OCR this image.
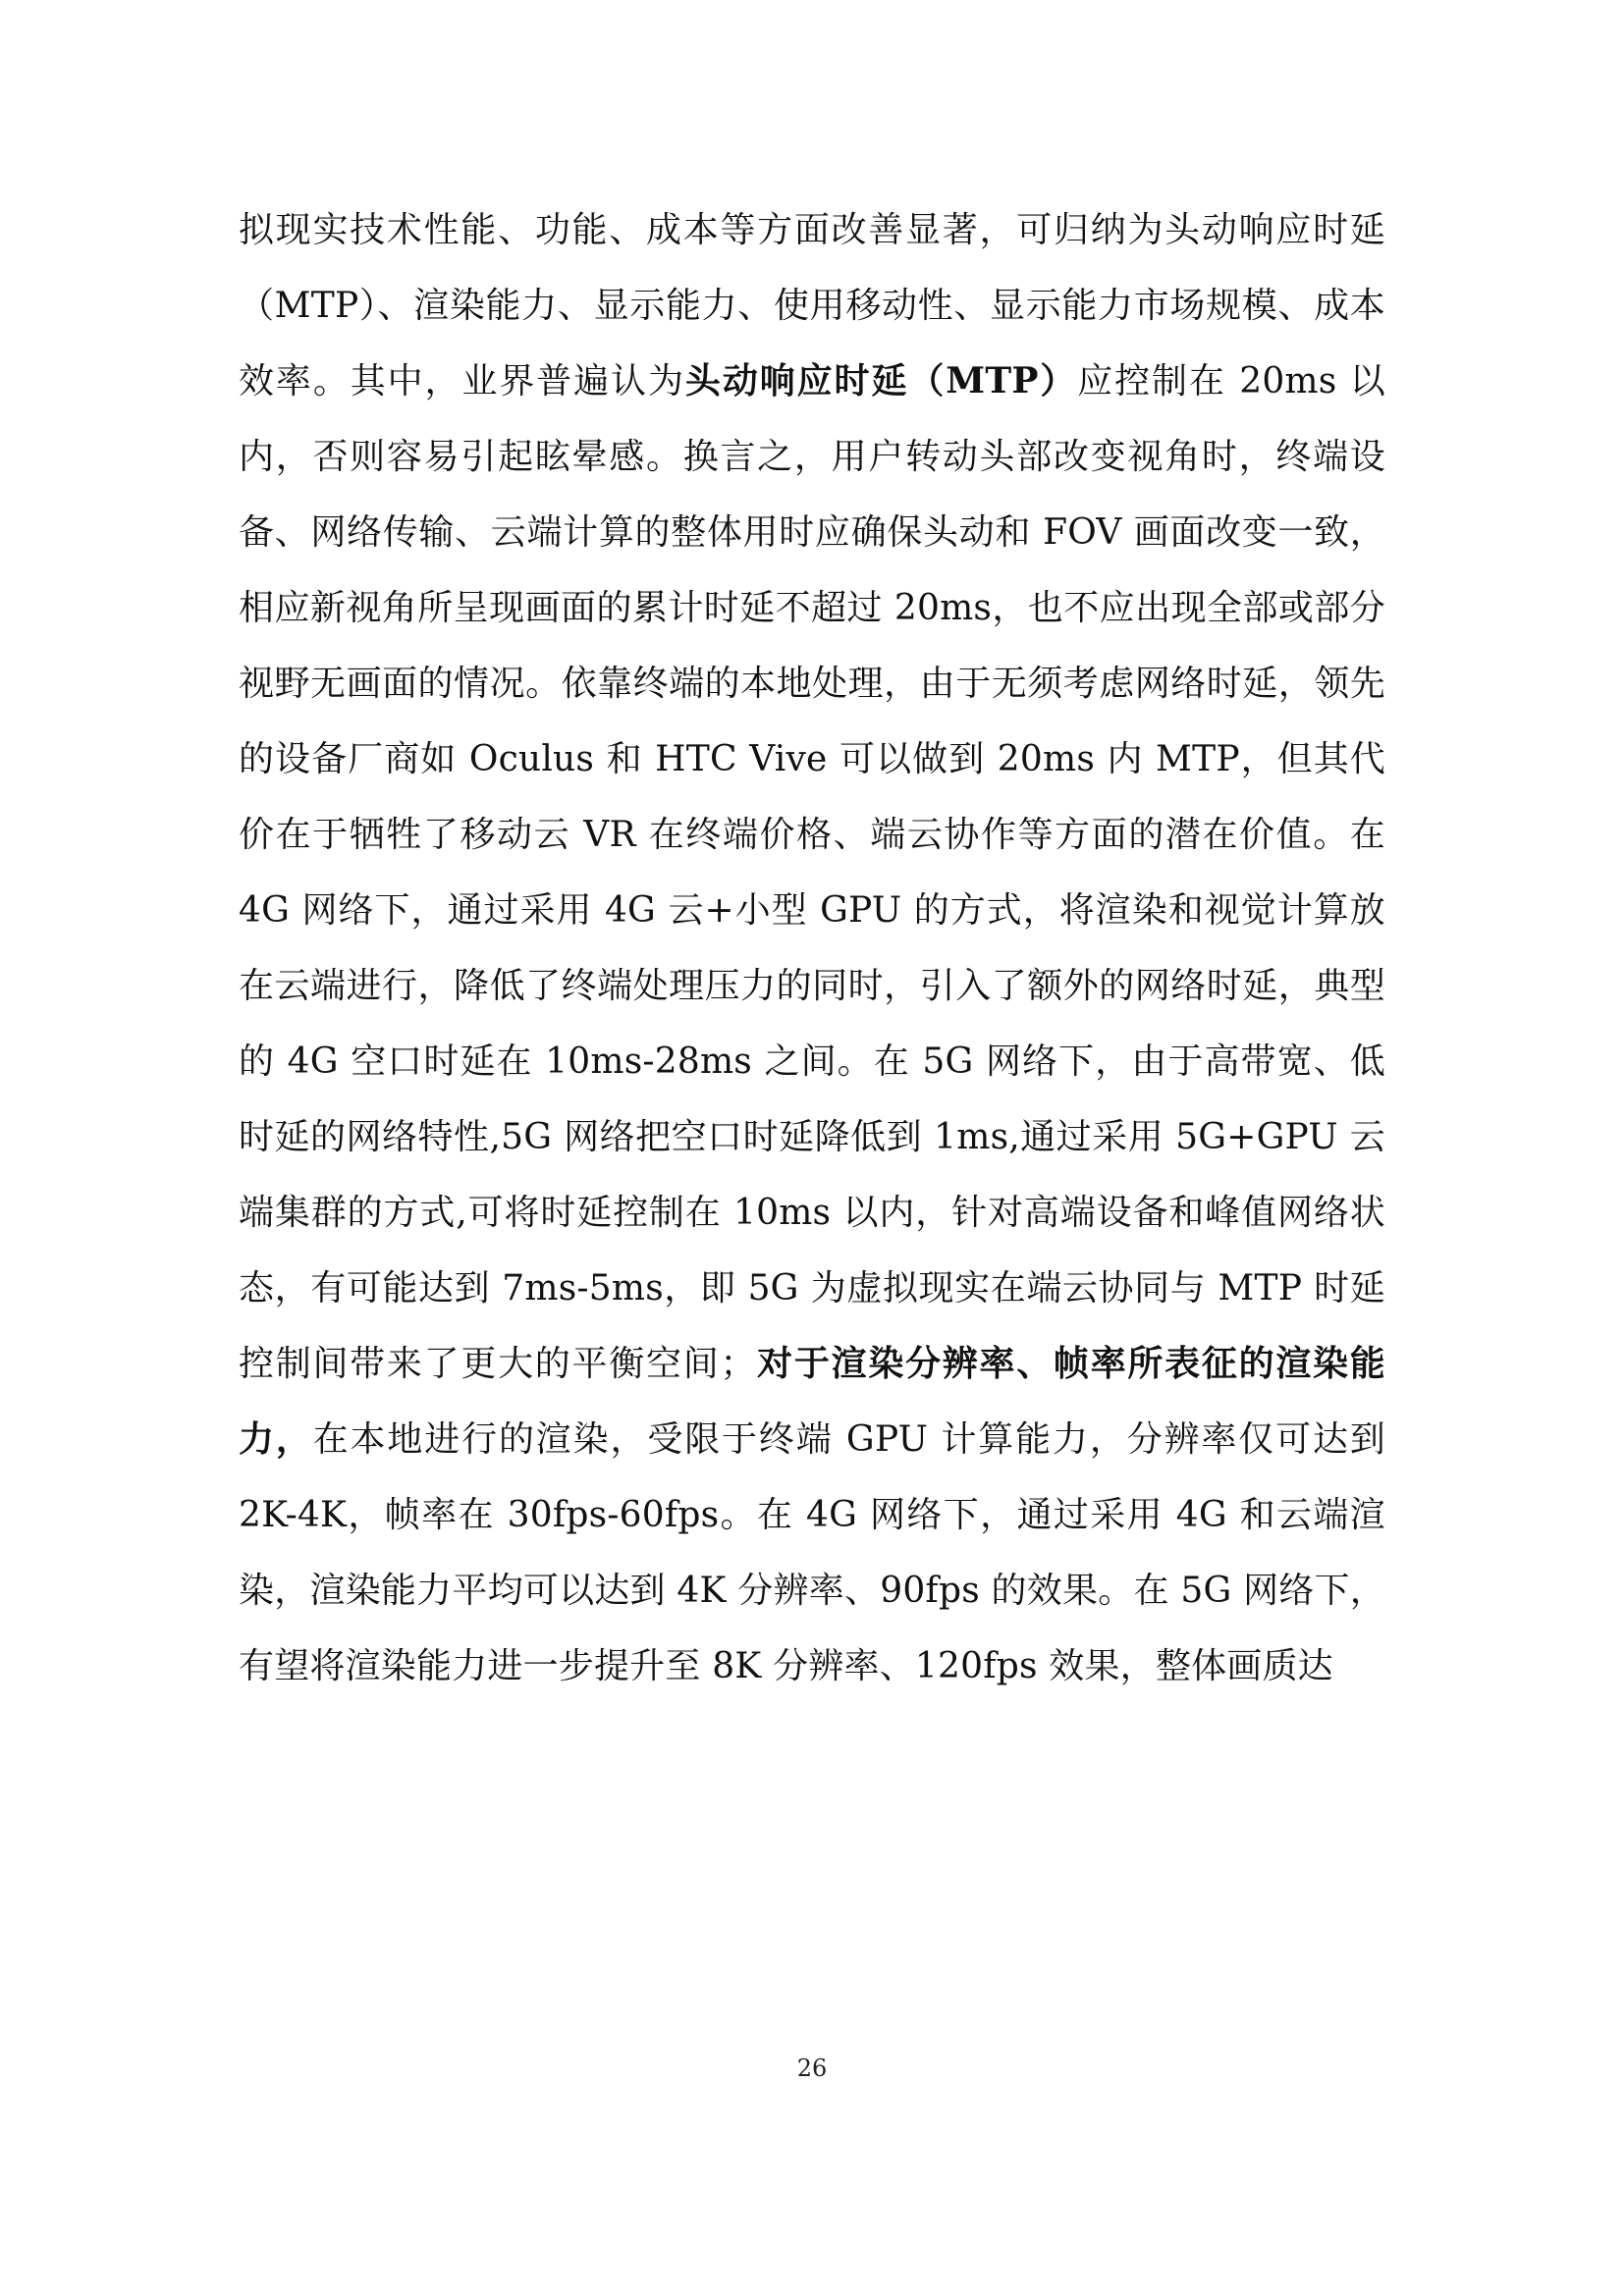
拟现实技术性能、功能、成本等方面改善显著，可归纳为头动响应时延（MTP）、渲染能力、显示能力、使用移动性、显示能力市场规模、成本效率。其中，业界普遍认为头动响应时延（MTP）应控制在 20ms 以内，否则容易引起眩晕感。换言之，用户转动头部改变视角时，终端设备、网络传输、云端计算的整体用时应确保头动和 FOV 画面改变一致，相应新视角所呈现画面的累计时延不超过 20ms，也不应出现全部或部分视野无画面的情况。依靠终端的本地处理，由于无须考虑网络时延，领先的设备厂商如 Oculus 和 HTC Vive 可以做到 20ms 内 MTP，但其代价在于牺牲了移动云 VR 在终端价格、端云协作等方面的潜在价值。在 4G 网络下，通过采用 4G 云+小型 GPU 的方式，将渲染和视觉计算放在云端进行，降低了终端处理压力的同时，引入了额外的网络时延，典型的 4G 空口时延在 10ms-28ms 之间。在 5G 网络下，由于高带宽、低时延的网络特性,5G 网络把空口时延降低到 1ms,通过采用 5G+GPU 云端集群的方式,可将时延控制在 10ms 以内，针对高端设备和峰值网络状态，有可能达到 7ms-5ms，即 5G 为虚拟现实在端云协同与 MTP 时延控制间带来了更大的平衡空间；对于渲染分辨率、帧率所表征的渲染能力，在本地进行的渲染，受限于终端 GPU 计算能力，分辨率仅可达到 2K-4K，帧率在 30fps-60fps。在 4G 网络下，通过采用 4G 和云端渲染，渲染能力平均可以达到 4K 分辨率、90fps 的效果。在 5G 网络下，有望将渲染能力进一步提升至 8K 分辨率、120fps 效果，整体画质达

26
